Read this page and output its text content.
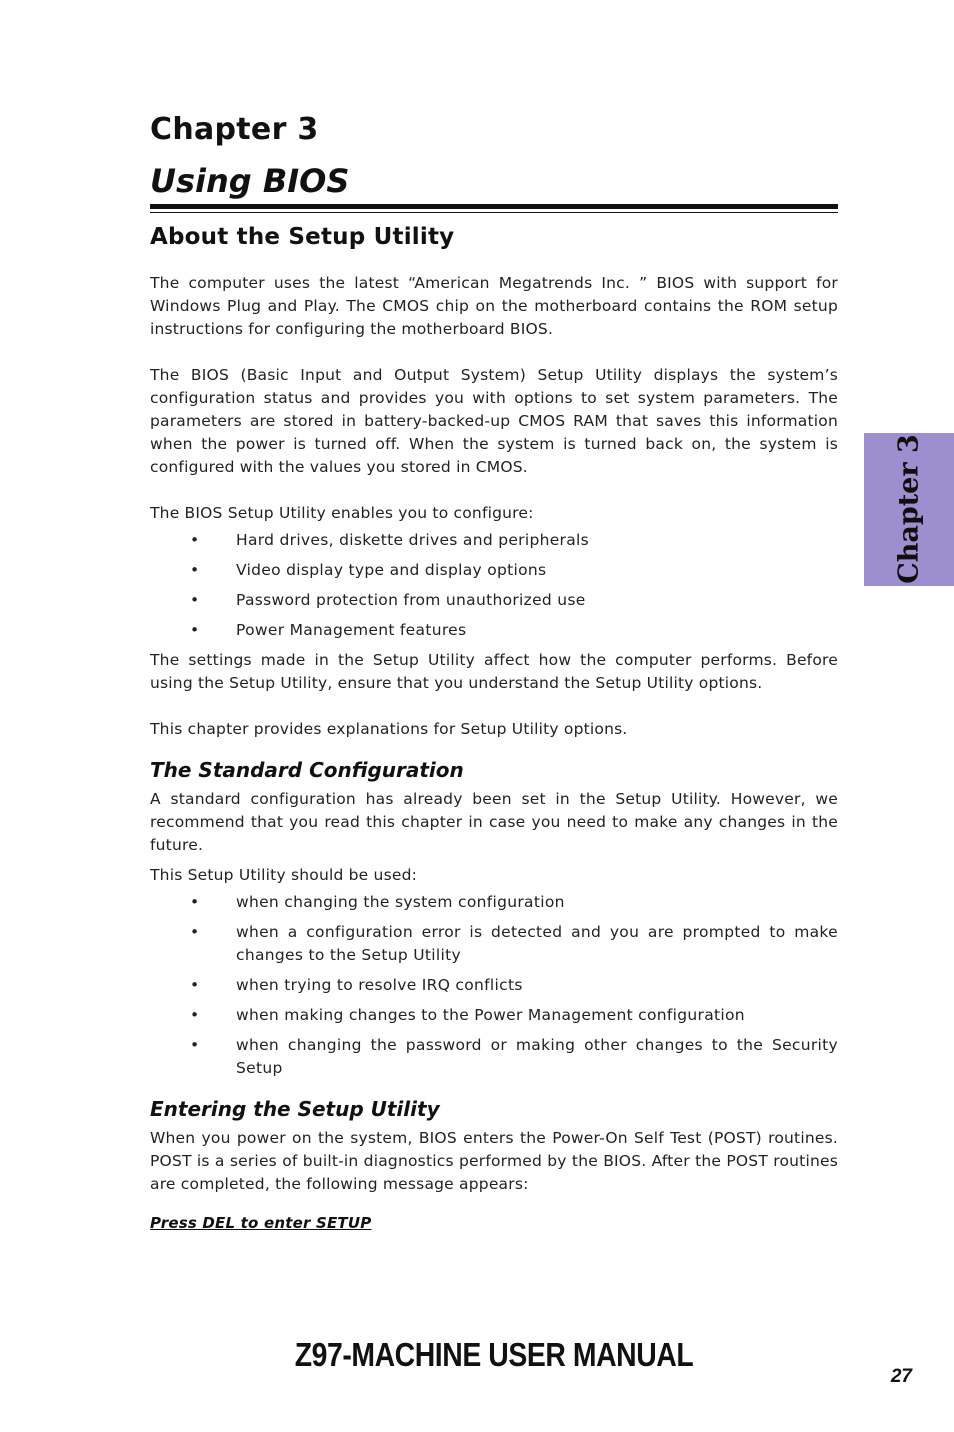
Chapter 3
Using BIOS
About the Setup Utility

The computer uses the latest “American Megatrends Inc. ” BIOS with support for Windows Plug and Play. The CMOS chip on the motherboard contains the ROM setup instructions for configuring the motherboard BIOS.

The BIOS (Basic Input and Output System) Setup Utility displays the system’s configuration status and provides you with options to set system parameters. The parameters are stored in battery-backed-up CMOS RAM that saves this information when the power is turned off. When the system is turned back on, the system is configured with the values you stored in CMOS.

The BIOS Setup Utility enables you to configure:

• Hard drives, diskette drives and peripherals
• Video display type and display options
• Password protection from unauthorized use
• Power Management features

The settings made in the Setup Utility affect how the computer performs. Before using the Setup Utility, ensure that you understand the Setup Utility options.

This chapter provides explanations for Setup Utility options.

The Standard Configuration

A standard configuration has already been set in the Setup Utility. However, we recommend that you read this chapter in case you need to make any changes in the future.

This Setup Utility should be used:

• when changing the system configuration
• when a configuration error is detected and you are prompted to make changes to the Setup Utility
• when trying to resolve IRQ conflicts
• when making changes to the Power Management configuration
• when changing the password or making other changes to the Security Setup
Entering the Setup Utility

When you power on the system, BIOS enters the Power-On Self Test (POST) routines. POST is a series of built-in diagnostics performed by the BIOS. After the POST routines are completed, the following message appears:

Press DEL to enter SETUP

Chapter 3
Z97-MACHINE USER MANUAL
27
